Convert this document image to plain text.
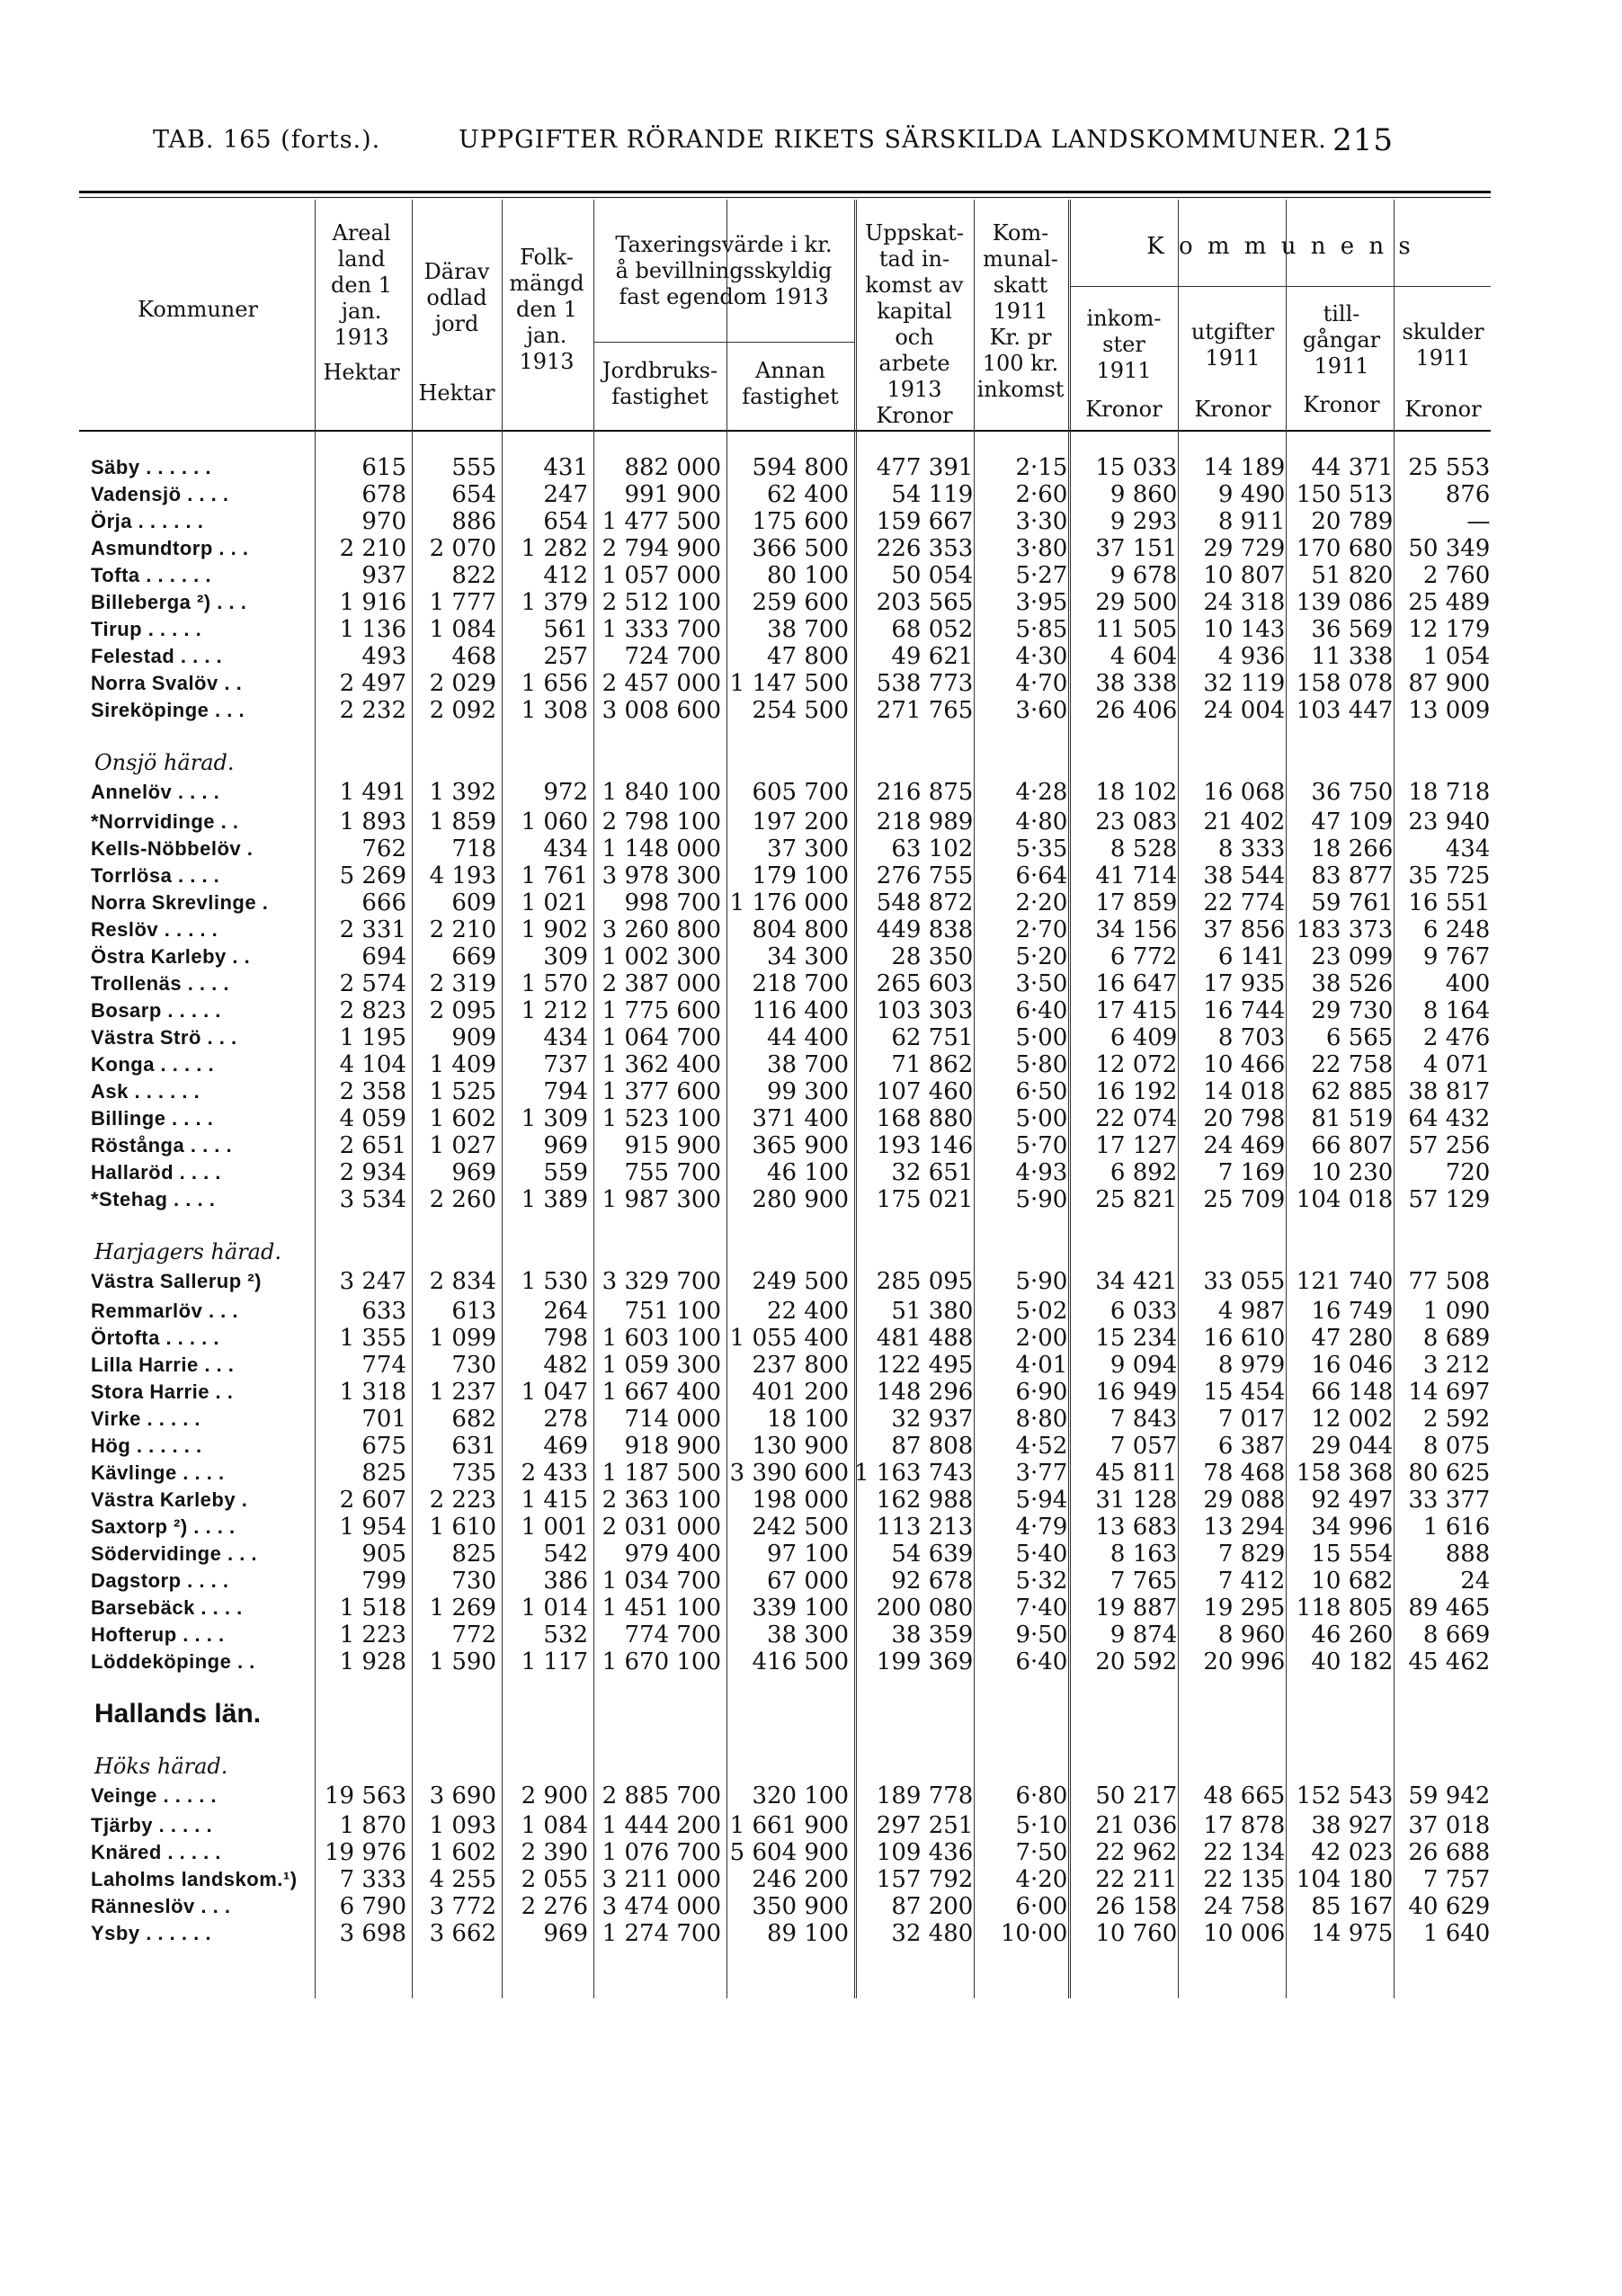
TAB. 165 (forts.).	UPPGIFTER RÖRANDE RIKETS SÄRSKILDA LANDSKOMMUNER. 215
Kommuner
Areal
land
den 1
jan.
1913
Hektar
Därav
odlad
jord
Hektar
Folk-
mängd
den 1
jan.
1913
Taxeringsvärde i kr.
å bevillningsskyldig
fast egendom 1913
Jordbruks-
fastighet
Annan
fastighet
Uppskat-
tad in-
komst av
kapital
och arbete
1913
Kronor
Kom-
munal-
skatt
1911
Kr. pr
100 kr.
inkomst
K o m m u n e n s
inkom-
ster
1911
Kronor
utgifter
1911
Kronor
till-
gångar
1911
Kronor
skulder
1911
Kronor
Säby . . . . . .	615	555	431	882 000	594 800	477 391	2·15	15 033	14 189	44 371	25 553
Vadensjö . . . .	678	654	247	991 900	62 400	54 119	2·60	9 860	9 490	150 513	876
Örja . . . . . .	970	886	654	1 477 500	175 600	159 667	3·30	9 293	8 911	20 789	—
Asmundtorp . . .	2 210	2 070	1 282	2 794 900	366 500	226 353	3·80	37 151	29 729	170 680	50 349
Tofta . . . . . .	937	822	412	1 057 000	80 100	50 054	5·27	9 678	10 807	51 820	2 760
Billeberga ²) . . .	1 916	1 777	1 379	2 512 100	259 600	203 565	3·95	29 500	24 318	139 086	25 489
Tirup . . . . .	1 136	1 084	561	1 333 700	38 700	68 052	5·85	11 505	10 143	36 569	12 179
Felestad . . . .	493	468	257	724 700	47 800	49 621	4·30	4 604	4 936	11 338	1 054
Norra Svalöv . .	2 497	2 029	1 656	2 457 000	1 147 500	538 773	4·70	38 338	32 119	158 078	87 900
Sireköpinge . . .	2 232	2 092	1 308	3 008 600	254 500	271 765	3·60	26 406	24 004	103 447	13 009
Onsjö härad.											
Annelöv . . . .	1 491	1 392	972	1 840 100	605 700	216 875	4·28	18 102	16 068	36 750	18 718
*Norrvidinge . .	1 893	1 859	1 060	2 798 100	197 200	218 989	4·80	23 083	21 402	47 109	23 940
Kells-Nöbbelöv .	762	718	434	1 148 000	37 300	63 102	5·35	8 528	8 333	18 266	434
Torrlösa . . . .	5 269	4 193	1 761	3 978 300	179 100	276 755	6·64	41 714	38 544	83 877	35 725
Norra Skrevlinge .	666	609	1 021	998 700	1 176 000	548 872	2·20	17 859	22 774	59 761	16 551
Reslöv . . . . .	2 331	2 210	1 902	3 260 800	804 800	449 838	2·70	34 156	37 856	183 373	6 248
Östra Karleby . .	694	669	309	1 002 300	34 300	28 350	5·20	6 772	6 141	23 099	9 767
Trollenäs . . . .	2 574	2 319	1 570	2 387 000	218 700	265 603	3·50	16 647	17 935	38 526	400
Bosarp . . . . .	2 823	2 095	1 212	1 775 600	116 400	103 303	6·40	17 415	16 744	29 730	8 164
Västra Strö . . .	1 195	909	434	1 064 700	44 400	62 751	5·00	6 409	8 703	6 565	2 476
Konga . . . . .	4 104	1 409	737	1 362 400	38 700	71 862	5·80	12 072	10 466	22 758	4 071
Ask . . . . . .	2 358	1 525	794	1 377 600	99 300	107 460	6·50	16 192	14 018	62 885	38 817
Billinge . . . .	4 059	1 602	1 309	1 523 100	371 400	168 880	5·00	22 074	20 798	81 519	64 432
Röstånga . . . .	2 651	1 027	969	915 900	365 900	193 146	5·70	17 127	24 469	66 807	57 256
Hallaröd . . . .	2 934	969	559	755 700	46 100	32 651	4·93	6 892	7 169	10 230	720
*Stehag . . . .	3 534	2 260	1 389	1 987 300	280 900	175 021	5·90	25 821	25 709	104 018	57 129
Harjagers härad.											
Västra Sallerup ²)	3 247	2 834	1 530	3 329 700	249 500	285 095	5·90	34 421	33 055	121 740	77 508
Remmarlöv . . .	633	613	264	751 100	22 400	51 380	5·02	6 033	4 987	16 749	1 090
Örtofta . . . . .	1 355	1 099	798	1 603 100	1 055 400	481 488	2·00	15 234	16 610	47 280	8 689
Lilla Harrie . . .	774	730	482	1 059 300	237 800	122 495	4·01	9 094	8 979	16 046	3 212
Stora Harrie . .	1 318	1 237	1 047	1 667 400	401 200	148 296	6·90	16 949	15 454	66 148	14 697
Virke . . . . .	701	682	278	714 000	18 100	32 937	8·80	7 843	7 017	12 002	2 592
Hög . . . . . .	675	631	469	918 900	130 900	87 808	4·52	7 057	6 387	29 044	8 075
Kävlinge . . . .	825	735	2 433	1 187 500	3 390 600	1 163 743	3·77	45 811	78 468	158 368	80 625
Västra Karleby .	2 607	2 223	1 415	2 363 100	198 000	162 988	5·94	31 128	29 088	92 497	33 377
Saxtorp ²) . . . .	1 954	1 610	1 001	2 031 000	242 500	113 213	4·79	13 683	13 294	34 996	1 616
Södervidinge . . .	905	825	542	979 400	97 100	54 639	5·40	8 163	7 829	15 554	888
Dagstorp . . . .	799	730	386	1 034 700	67 000	92 678	5·32	7 765	7 412	10 682	24
Barsebäck . . . .	1 518	1 269	1 014	1 451 100	339 100	200 080	7·40	19 887	19 295	118 805	89 465
Hofterup . . . .	1 223	772	532	774 700	38 300	38 359	9·50	9 874	8 960	46 260	8 669
Löddeköpinge . .	1 928	1 590	1 117	1 670 100	416 500	199 369	6·40	20 592	20 996	40 182	45 462
Hallands län.											
Höks härad.											
Veinge . . . . .	19 563	3 690	2 900	2 885 700	320 100	189 778	6·80	50 217	48 665	152 543	59 942
Tjärby . . . . .	1 870	1 093	1 084	1 444 200	1 661 900	297 251	5·10	21 036	17 878	38 927	37 018
Knäred . . . . .	19 976	1 602	2 390	1 076 700	5 604 900	109 436	7·50	22 962	22 134	42 023	26 688
Laholms landskom.¹)	7 333	4 255	2 055	3 211 000	246 200	157 792	4·20	22 211	22 135	104 180	7 757
Ränneslöv . . .	6 790	3 772	2 276	3 474 000	350 900	87 200	6·00	26 158	24 758	85 167	40 629
Ysby . . . . . .	3 698	3 662	969	1 274 700	89 100	32 480	10·00	10 760	10 006	14 975	1 640
